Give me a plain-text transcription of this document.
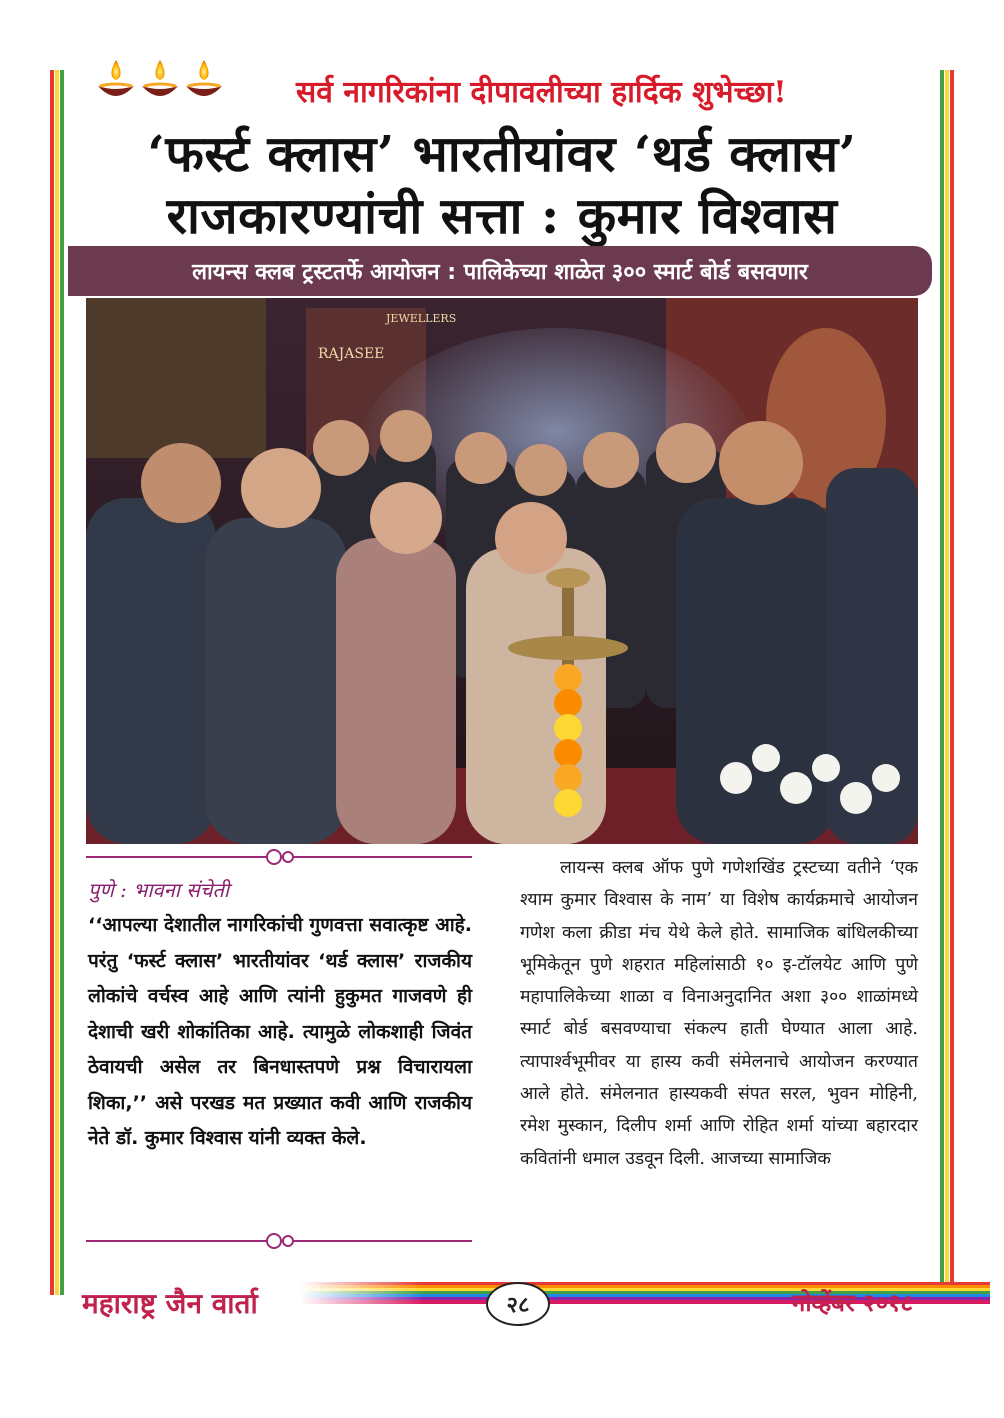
सर्व नागरिकांना दीपावलीच्या हार्दिक शुभेच्छा!
‘फर्स्ट क्लास’ भारतीयांवर ‘थर्ड क्लास’
राजकारण्यांची सत्ता : कुमार विश्वास
लायन्स क्लब ट्रस्टतर्फे आयोजन : पालिकेच्या शाळेत ३०० स्मार्ट बोर्ड बसवणार
RAJASEE
JEWELLERS
पुणे : भावना संचेती
‘‘आपल्या देशातील नागरिकांची गुणवत्ता सवात्कृष्ट आहे. परंतु ‘फर्स्ट क्लास’ भारतीयांवर ‘थर्ड क्लास’ राजकीय लोकांचे वर्चस्व आहे आणि त्यांनी हुकुमत गाजवणे ही देशाची खरी शोकांतिका आहे. त्यामुळे लोकशाही जिवंत ठेवायची असेल तर बिनधास्तपणे प्रश्न विचारायला शिका,’’ असे परखड मत प्रख्यात कवी आणि राजकीय नेते डॉ. कुमार विश्वास यांनी व्यक्त केले.

लायन्स क्लब ऑफ पुणे गणेशखिंड ट्रस्टच्या वतीने ‘एक श्याम कुमार विश्वास के नाम’ या विशेष कार्यक्रमाचे आयोजन गणेश कला क्रीडा मंच येथे केले होते. सामाजिक बांधिलकीच्या भूमिकेतून पुणे शहरात महिलांसाठी १० इ-टॉलयेट आणि पुणे महापालिकेच्या शाळा व विनाअनुदानित अशा ३०० शाळांमध्ये स्मार्ट बोर्ड बसवण्याचा संकल्प हाती घेण्यात आला आहे. त्यापार्श्वभूमीवर या हास्य कवी संमेलनाचे आयोजन करण्यात आले होते. संमेलनात हास्यकवी संपत सरल, भुवन मोहिनी, रमेश मुस्कान, दिलीप शर्मा आणि रोहित शर्मा यांच्या बहारदार कवितांनी धमाल उडवून दिली. आजच्या सामाजिक

महाराष्ट्र जैन वार्ता	२८	नोव्हेंबर २०१८
